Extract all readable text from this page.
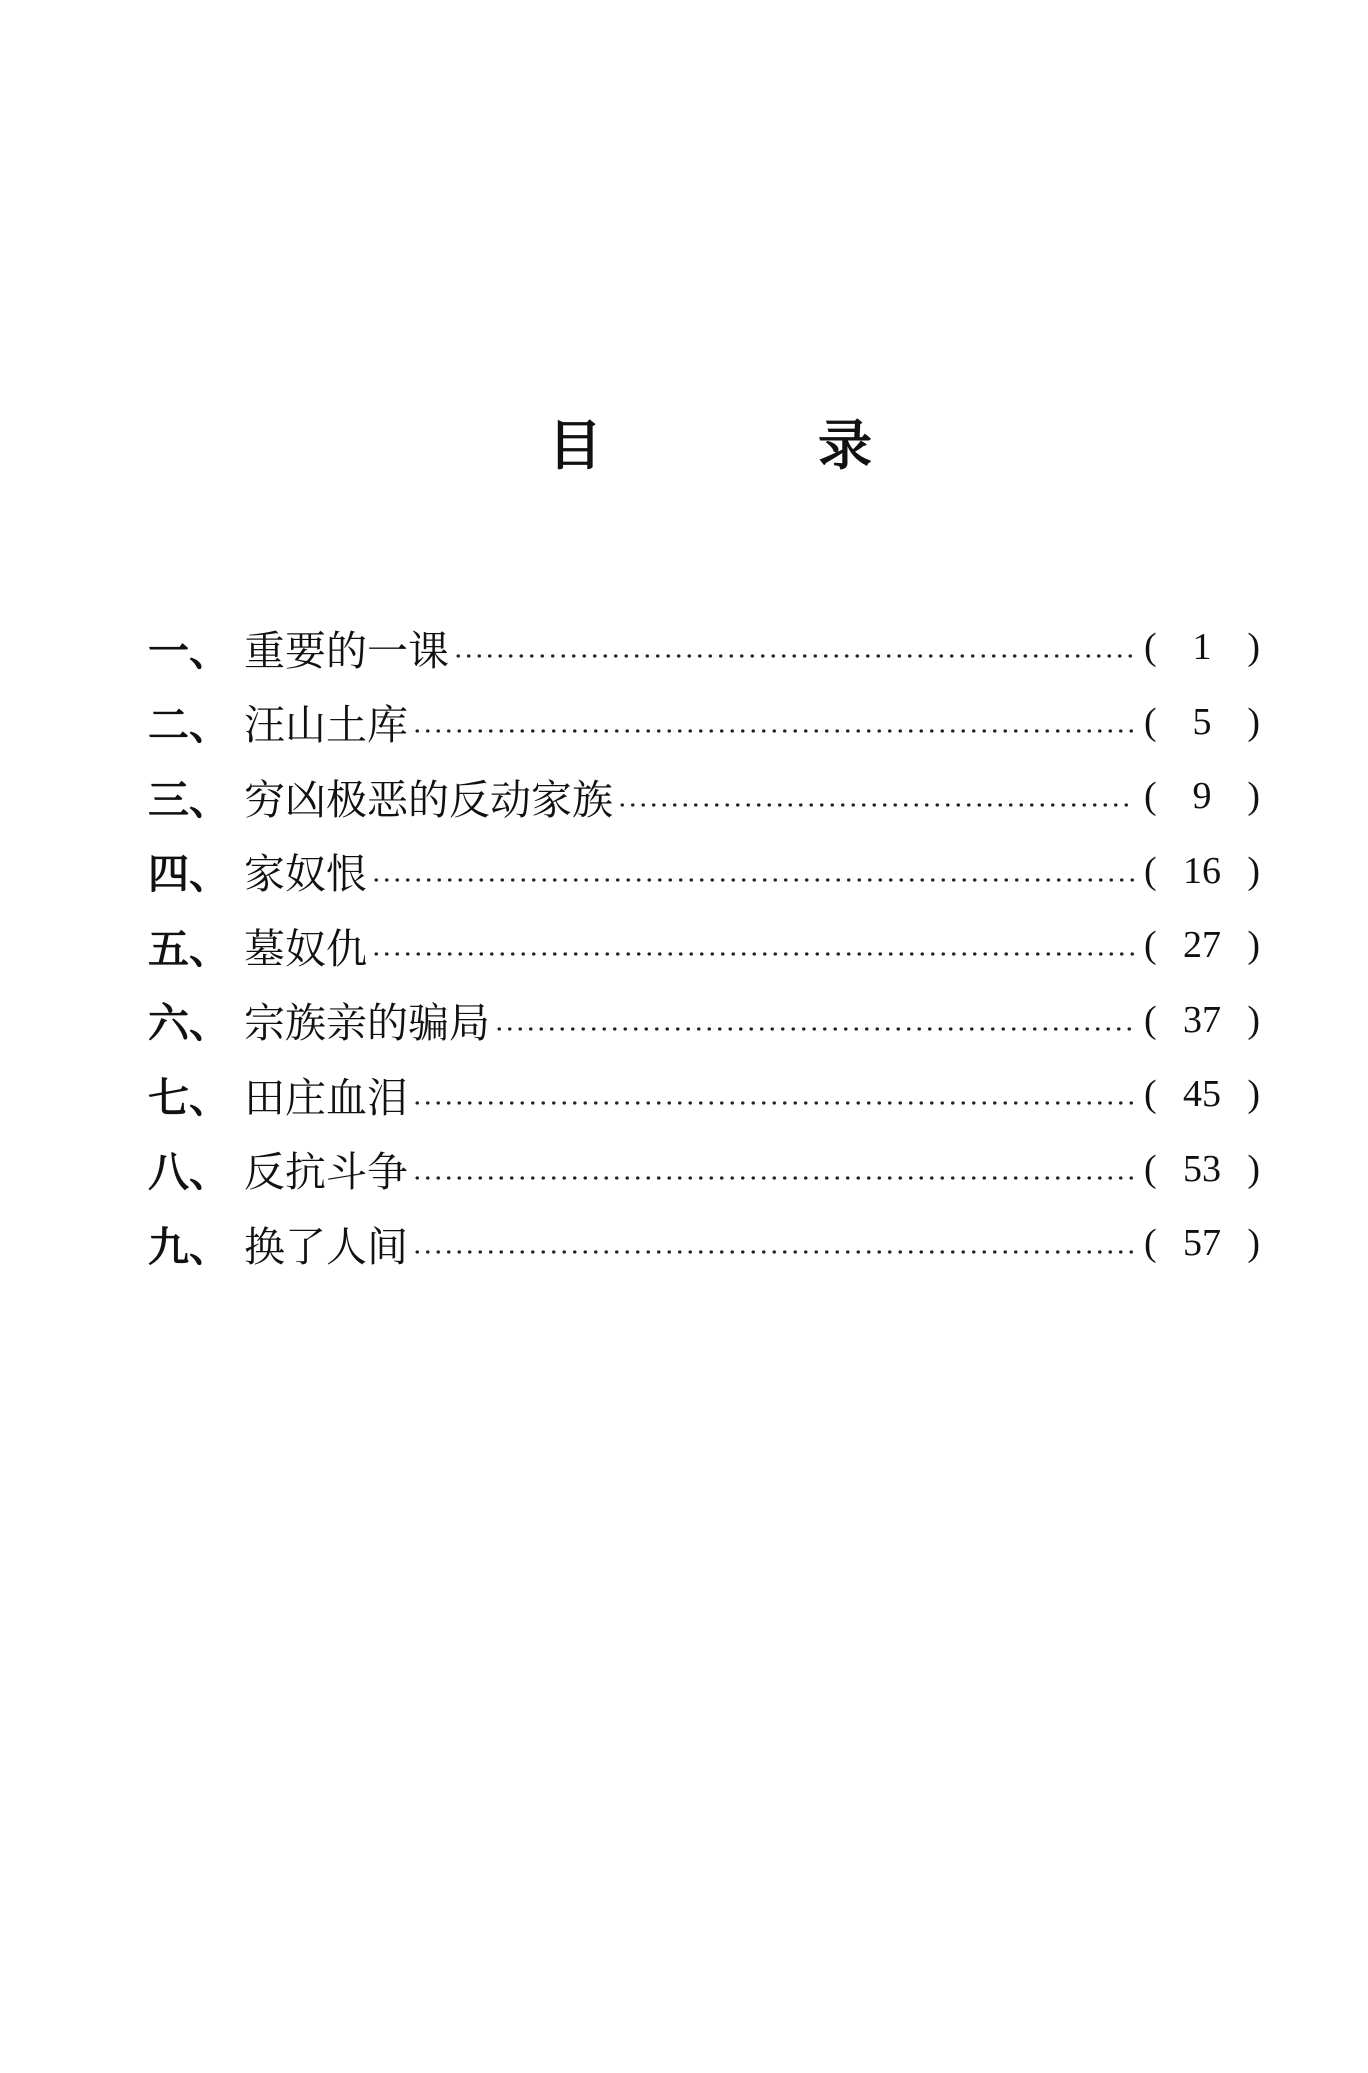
目	录
一 、 重要的一课	( 1 )
二 、 汪山土库	( 5 )
三 、 穷凶极恶的反动家族	( 9 )
四 、 家奴恨	( 16 )
五 、 墓奴仇	( 27 )
六 、 宗族亲的骗局	( 37 )
七 、 田庄血泪	( 45 )
八 、 反抗斗争	( 53 )
九 、 换了人间	( 57 )
